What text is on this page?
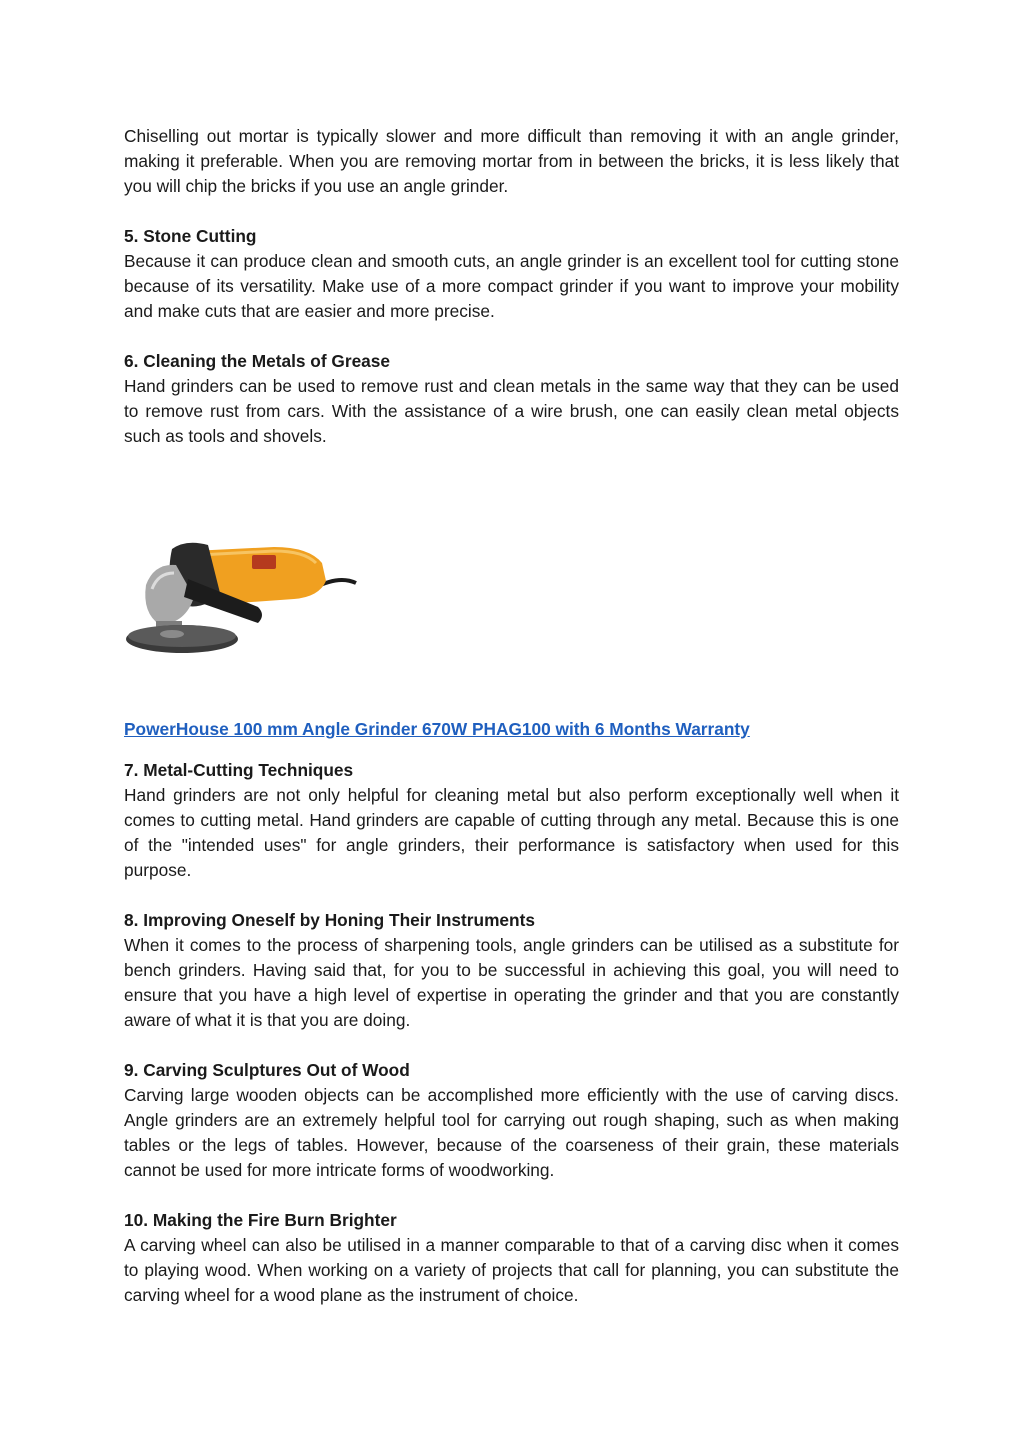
Chiselling out mortar is typically slower and more difficult than removing it with an angle grinder, making it preferable. When you are removing mortar from in between the bricks, it is less likely that you will chip the bricks if you use an angle grinder.

5. Stone Cutting

Because it can produce clean and smooth cuts, an angle grinder is an excellent tool for cutting stone because of its versatility. Make use of a more compact grinder if you want to improve your mobility and make cuts that are easier and more precise.

6. Cleaning the Metals of Grease

Hand grinders can be used to remove rust and clean metals in the same way that they can be used to remove rust from cars. With the assistance of a wire brush, one can easily clean metal objects such as tools and shovels.

PowerHouse 100 mm Angle Grinder 670W PHAG100 with 6 Months Warranty

7. Metal-Cutting Techniques

Hand grinders are not only helpful for cleaning metal but also perform exceptionally well when it comes to cutting metal. Hand grinders are capable of cutting through any metal. Because this is one of the "intended uses" for angle grinders, their performance is satisfactory when used for this purpose.

8. Improving Oneself by Honing Their Instruments

When it comes to the process of sharpening tools, angle grinders can be utilised as a substitute for bench grinders. Having said that, for you to be successful in achieving this goal, you will need to ensure that you have a high level of expertise in operating the grinder and that you are constantly aware of what it is that you are doing.

9. Carving Sculptures Out of Wood

Carving large wooden objects can be accomplished more efficiently with the use of carving discs. Angle grinders are an extremely helpful tool for carrying out rough shaping, such as when making tables or the legs of tables. However, because of the coarseness of their grain, these materials cannot be used for more intricate forms of woodworking.

10. Making the Fire Burn Brighter

A carving wheel can also be utilised in a manner comparable to that of a carving disc when it comes to playing wood. When working on a variety of projects that call for planning, you can substitute the carving wheel for a wood plane as the instrument of choice.
